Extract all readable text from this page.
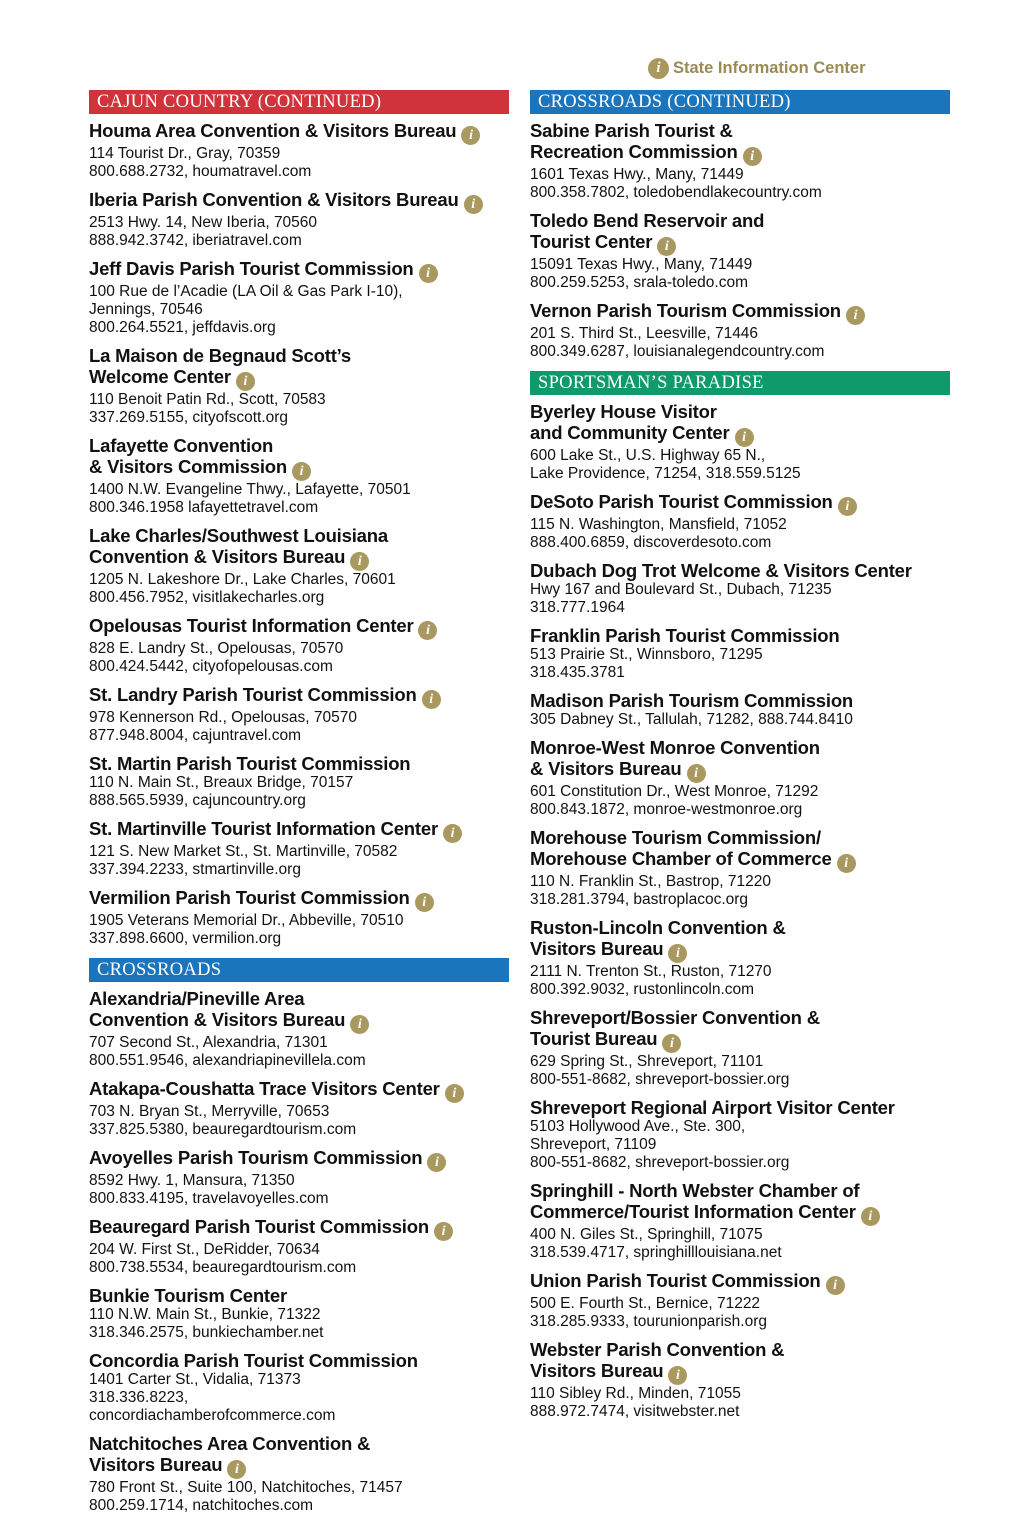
i State Information Center
CAJUN COUNTRY (CONTINUED)
Houma Area Convention & Visitors Bureau i
114 Tourist Dr., Gray, 70359
800.688.2732, houmatravel.com
Iberia Parish Convention & Visitors Bureau i
2513 Hwy. 14, New Iberia, 70560
888.942.3742, iberiatravel.com
Jeff Davis Parish Tourist Commission i
100 Rue de l’Acadie (LA Oil & Gas Park I-10),
Jennings, 70546
800.264.5521, jeffdavis.org
La Maison de Begnaud Scott’s
Welcome Center i
110 Benoit Patin Rd., Scott, 70583
337.269.5155, cityofscott.org
Lafayette Convention
& Visitors Commission i
1400 N.W. Evangeline Thwy., Lafayette, 70501
800.346.1958 lafayettetravel.com
Lake Charles/Southwest Louisiana
Convention & Visitors Bureau i
1205 N. Lakeshore Dr., Lake Charles, 70601
800.456.7952, visitlakecharles.org
Opelousas Tourist Information Center i
828 E. Landry St., Opelousas, 70570
800.424.5442, cityofopelousas.com
St. Landry Parish Tourist Commission i
978 Kennerson Rd., Opelousas, 70570
877.948.8004, cajuntravel.com
St. Martin Parish Tourist Commission
110 N. Main St., Breaux Bridge, 70157
888.565.5939, cajuncountry.org
St. Martinville Tourist Information Center i
121 S. New Market St., St. Martinville, 70582
337.394.2233, stmartinville.org
Vermilion Parish Tourist Commission i
1905 Veterans Memorial Dr., Abbeville, 70510
337.898.6600, vermilion.org
CROSSROADS
Alexandria/Pineville Area
Convention & Visitors Bureau i
707 Second St., Alexandria, 71301
800.551.9546, alexandriapinevillela.com
Atakapa-Coushatta Trace Visitors Center i
703 N. Bryan St., Merryville, 70653
337.825.5380, beauregardtourism.com
Avoyelles Parish Tourism Commission i
8592 Hwy. 1, Mansura, 71350
800.833.4195, travelavoyelles.com
Beauregard Parish Tourist Commission i
204 W. First St., DeRidder, 70634
800.738.5534, beauregardtourism.com
Bunkie Tourism Center
110 N.W. Main St., Bunkie, 71322
318.346.2575, bunkiechamber.net
Concordia Parish Tourist Commission
1401 Carter St., Vidalia, 71373
318.336.8223,
concordiachamberofcommerce.com
Natchitoches Area Convention &
Visitors Bureau i
780 Front St., Suite 100, Natchitoches, 71457
800.259.1714, natchitoches.com
CROSSROADS (CONTINUED)
Sabine Parish Tourist &
Recreation Commission i
1601 Texas Hwy., Many, 71449
800.358.7802, toledobendlakecountry.com
Toledo Bend Reservoir and
Tourist Center i
15091 Texas Hwy., Many, 71449
800.259.5253, srala-toledo.com
Vernon Parish Tourism Commission i
201 S. Third St., Leesville, 71446
800.349.6287, louisianalegendcountry.com
SPORTSMAN’S PARADISE
Byerley House Visitor
and Community Center i
600 Lake St., U.S. Highway 65 N.,
Lake Providence, 71254, 318.559.5125
DeSoto Parish Tourist Commission i
115 N. Washington, Mansfield, 71052
888.400.6859, discoverdesoto.com
Dubach Dog Trot Welcome & Visitors Center
Hwy 167 and Boulevard St., Dubach, 71235
318.777.1964
Franklin Parish Tourist Commission
513 Prairie St., Winnsboro, 71295
318.435.3781
Madison Parish Tourism Commission
305 Dabney St., Tallulah, 71282, 888.744.8410
Monroe-West Monroe Convention
& Visitors Bureau i
601 Constitution Dr., West Monroe, 71292
800.843.1872, monroe-westmonroe.org
Morehouse Tourism Commission/
Morehouse Chamber of Commerce i
110 N. Franklin St., Bastrop, 71220
318.281.3794, bastroplacoc.org
Ruston-Lincoln Convention &
Visitors Bureau i
2111 N. Trenton St., Ruston, 71270
800.392.9032, rustonlincoln.com
Shreveport/Bossier Convention &
Tourist Bureau i
629 Spring St., Shreveport, 71101
800-551-8682, shreveport-bossier.org
Shreveport Regional Airport Visitor Center
5103 Hollywood Ave., Ste. 300,
Shreveport, 71109
800-551-8682, shreveport-bossier.org
Springhill - North Webster Chamber of
Commerce/Tourist Information Center i
400 N. Giles St., Springhill, 71075
318.539.4717, springhilllouisiana.net
Union Parish Tourist Commission i
500 E. Fourth St., Bernice, 71222
318.285.9333, tourunionparish.org
Webster Parish Convention &
Visitors Bureau i
110 Sibley Rd., Minden, 71055
888.972.7474, visitwebster.net
